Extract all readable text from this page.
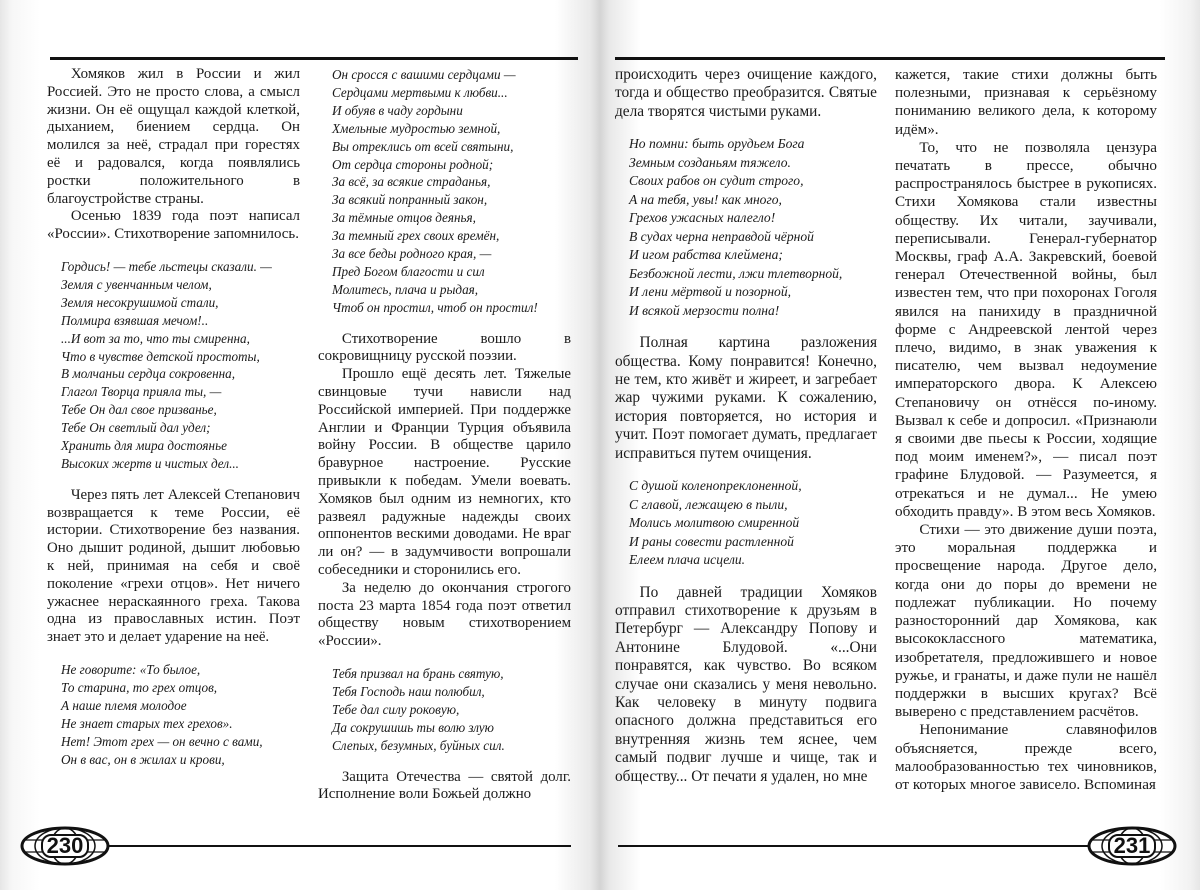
Хомяков жил в России и жил Россией. Это не просто слова, а смысл жизни. Он её ощущал каждой клеткой, дыханием, биением сердца. Он молился за неё, страдал при горестях её и радовался, когда появлялись ростки положительного в благоустройстве страны.

Осенью 1839 года поэт написал «России». Стихотворение запомнилось.

Гордись! — тебе льстецы сказали. —
Земля с увенчанным челом,
Земля несокрушимой стали,
Полмира взявшая мечом!..
...И вот за то, что ты смиренна,
Что в чувстве детской простоты,
В молчаньи сердца сокровенна,
Глагол Творца прияла ты, —
Тебе Он дал свое призванье,
Тебе Он светлый дал удел;
Хранить для мира достоянье
Высоких жертв и чистых дел...

Через пять лет Алексей Степанович возвращается к теме России, её истории. Стихотворение без названия. Оно дышит родиной, дышит любовью к ней, принимая на себя и своё поколение «грехи отцов». Нет ничего ужаснее нераскаянного греха. Такова одна из православных истин. Поэт знает это и делает ударение на неё.

Не говорите: «То былое,
То старина, то грех отцов,
А наше племя молодое
Не знает старых тех грехов».
Нет! Этот грех — он вечно с вами,
Он в вас, он в жилах и крови,
Он сросся с вашими сердцами —
Сердцами мертвыми к любви...
И обуяв в чаду гордыни
Хмельные мудростью земной,
Вы отреклись от всей святыни,
От сердца стороны родной;
За всё, за всякие страданья,
За всякий попранный закон,
За тёмные отцов деянья,
За темный грех своих времён,
За все беды родного края, —
Пред Богом благости и сил
Молитесь, плача и рыдая,
Чтоб он простил, чтоб он простил!

Стихотворение вошло в сокровищницу русской поэзии.

Прошло ещё десять лет. Тяжелые свинцовые тучи нависли над Российской империей. При поддержке Англии и Франции Турция объявила войну России. В обществе царило бравурное настроение. Русские привыкли к победам. Умели воевать. Хомяков был одним из немногих, кто развеял радужные надежды своих оппонентов вескими доводами. Не враг ли он? — в задумчивости вопрошали собеседники и сторонились его.

За неделю до окончания строгого поста 23 марта 1854 года поэт ответил обществу новым стихотворением «России».

Тебя призвал на брань святую,
Тебя Господь наш полюбил,
Тебе дал силу роковую,
Да сокрушишь ты волю злую
Слепых, безумных, буйных сил.

Защита Отечества — святой долг. Исполнение воли Божьей должно

происходить через очищение каждого, тогда и общество преобразится. Святые дела творятся чистыми руками.

Но помни: быть орудьем Бога
Земным созданьям тяжело.
Своих рабов он судит строго,
А на тебя, увы! как много,
Грехов ужасных налегло!
В судах черна неправдой чёрной
И игом рабства клеймена;
Безбожной лести, лжи тлетворной,
И лени мёртвой и позорной,
И всякой мерзости полна!

Полная картина разложения общества. Кому понравится! Конечно, не тем, кто живёт и жиреет, и загребает жар чужими руками. К сожалению, история повторяется, но история и учит. Поэт помогает думать, предлагает исправиться путем очищения.

С душой коленопреклоненной,
С главой, лежащею в пыли,
Молись молитвою смиренной
И раны совести растленной
Елеем плача исцели.

По давней традиции Хомяков отправил стихотворение к друзьям в Петербург — Александру Попову и Антонине Блудовой. «...Они понравятся, как чувство. Во всяком случае они сказались у меня невольно. Как человеку в минуту подвига опасного должна представиться его внутренняя жизнь тем яснее, чем самый подвиг лучше и чище, так и обществу... От печати я удален, но мне

кажется, такие стихи должны быть полезными, признавая к серьёзному пониманию великого дела, к которому идём».

То, что не позволяла цензура печатать в прессе, обычно распространялось быстрее в рукописях. Стихи Хомякова стали известны обществу. Их читали, заучивали, переписывали. Генерал-губернатор Москвы, граф А.А. Закревский, боевой генерал Отечественной войны, был известен тем, что при похоронах Гоголя явился на панихиду в праздничной форме с Андреевской лентой через плечо, видимо, в знак уважения к писателю, чем вызвал недоумение императорского двора. К Алексею Степановичу он отнёсся по-иному. Вызвал к себе и допросил. «Признаюли я своими две пьесы к России, ходящие под моим именем?», — писал поэт графине Блудовой. — Разумеется, я отрекаться и не думал... Не умею обходить правду». В этом весь Хомяков.

Стихи — это движение души поэта, это моральная поддержка и просвещение народа. Другое дело, когда они до поры до времени не подлежат публикации. Но почему разносторонний дар Хомякова, как высококлассного математика, изобретателя, предложившего и новое ружье, и гранаты, и даже пули не нашёл поддержки в высших кругах? Всё выверено с представлением расчётов.

Непонимание славянофилов объясняется, прежде всего, малообразованностью тех чиновников, от которых многое зависело. Вспоминая

230	231
